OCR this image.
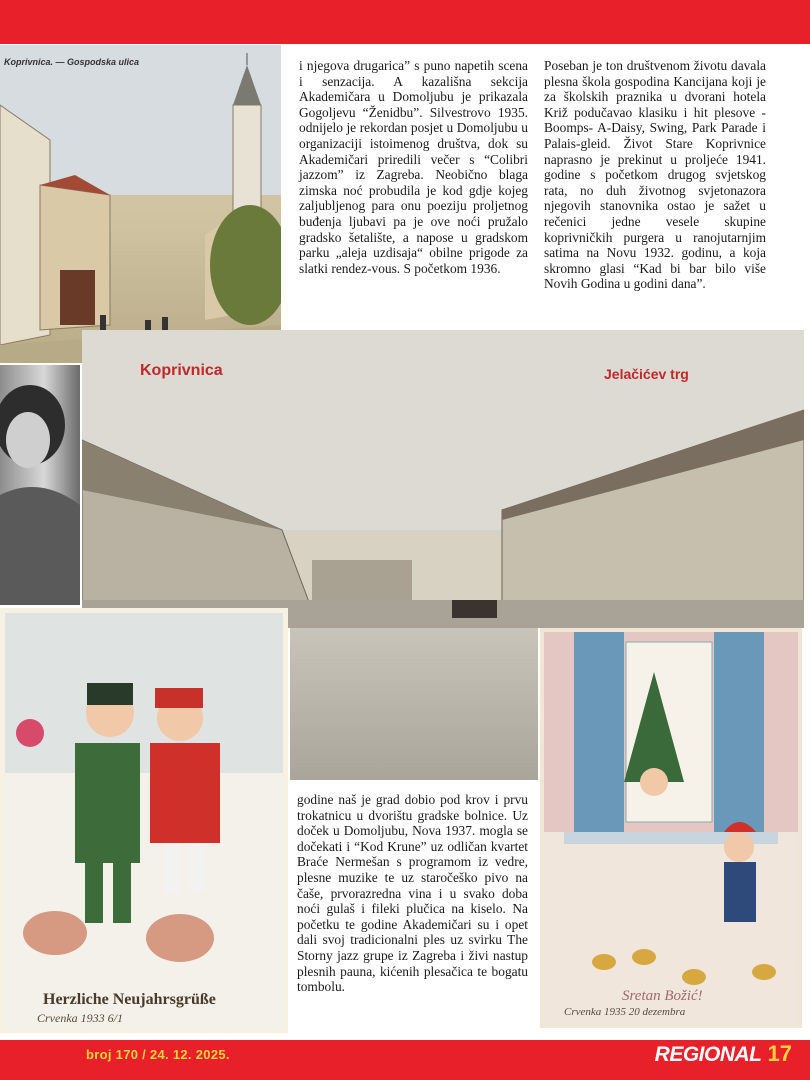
Koprivnica. — Gospodska ulica
Koprivnica	Jelačićev trg
Herzliche Neujahrsgrüße
Crvenka 1933 6/1
Sretan Božić!
Crvenka 1935 20 dezembra
i njegova drugarica” s puno napetih scena i senzacija. A kazališna sekcija Akademičara u Domoljubu je prikazala Gogoljevu “Ženidbu”. Silvestrovo 1935. odnijelo je rekordan posjet u Domoljubu u organizaciji istoimenog društva, dok su Akademičari priredili večer s “Colibri jazzom” iz Zagreba. Neobično blaga zimska noć probudila je kod gdje kojeg zaljubljenog para onu poeziju proljetnog buđenja ljubavi pa je ove noći pružalo gradsko šetalište, a napose u gradskom parku „aleja uzdisaja“ obilne prigode za slatki rendez-vous. S početkom 1936.
Poseban je ton društvenom životu davala plesna škola gospodina Kancijana koji je za školskih praznika u dvorani hotela Križ podučavao klasiku i hit plesove - Boomps- A-Daisy, Swing, Park Parade i Palais-gleid. Život Stare Koprivnice naprasno je prekinut u proljeće 1941. godine s početkom drugog svjetskog rata, no duh životnog svjetonazora njegovih stanovnika ostao je sažet u rečenici jedne vesele skupine koprivničkih purgera u ranojutarnjim satima na Novu 1932. godinu, a koja skromno glasi “Kad bi bar bilo više Novih Godina u godini dana”.
godine naš je grad dobio pod krov i prvu trokatnicu u dvorištu gradske bolnice. Uz doček u Domoljubu, Nova 1937. mogla se dočekati i “Kod Krune” uz odličan kvartet Braće Nermešan s programom iz vedre, plesne muzike te uz staročeško pivo na čaše, prvorazredna vina i u svako doba noći gulaš i fileki plučica na kiselo. Na početku te godine Akademičari su i opet dali svoj tradicionalni ples uz svirku The Storny jazz grupe iz Zagreba i živi nastup plesnih pauna, kićenih plesačica te bogatu tombolu.
broj 170 / 24. 12. 2025.	REGIONAL 17
